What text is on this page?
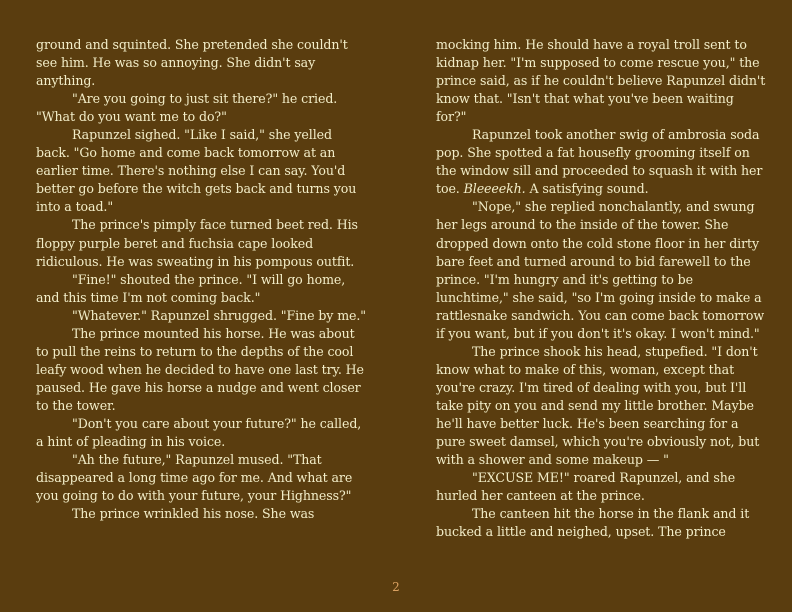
ground and squinted. She pretended she couldn't see him. He was so annoying. She didn't say anything.

"Are you going to just sit there?" he cried. "What do you want me to do?"

Rapunzel sighed. "Like I said," she yelled back. "Go home and come back tomorrow at an earlier time. There's nothing else I can say. You'd better go before the witch gets back and turns you into a toad."

The prince's pimply face turned beet red. His floppy purple beret and fuchsia cape looked ridiculous. He was sweating in his pompous outfit.

"Fine!" shouted the prince. "I will go home, and this time I'm not coming back."

"Whatever." Rapunzel shrugged. "Fine by me."

The prince mounted his horse. He was about to pull the reins to return to the depths of the cool leafy wood when he decided to have one last try. He paused. He gave his horse a nudge and went closer to the tower.

"Don't you care about your future?" he called, a hint of pleading in his voice.

"Ah the future," Rapunzel mused. "That disappeared a long time ago for me. And what are you going to do with your future, your Highness?"

The prince wrinkled his nose. She was

mocking him. He should have a royal troll sent to kidnap her. "I'm supposed to come rescue you," the prince said, as if he couldn't believe Rapunzel didn't know that. "Isn't that what you've been waiting for?"

Rapunzel took another swig of ambrosia soda pop. She spotted a fat housefly grooming itself on the window sill and proceeded to squash it with her toe. Bleeeekh. A satisfying sound.

"Nope," she replied nonchalantly, and swung her legs around to the inside of the tower. She dropped down onto the cold stone floor in her dirty bare feet and turned around to bid farewell to the prince. "I'm hungry and it's getting to be lunchtime," she said, "so I'm going inside to make a rattlesnake sandwich. You can come back tomorrow if you want, but if you don't it's okay. I won't mind."

The prince shook his head, stupefied. "I don't know what to make of this, woman, except that you're crazy. I'm tired of dealing with you, but I'll take pity on you and send my little brother. Maybe he'll have better luck. He's been searching for a pure sweet damsel, which you're obviously not, but with a shower and some makeup — "

"EXCUSE ME!" roared Rapunzel, and she hurled her canteen at the prince.

The canteen hit the horse in the flank and it bucked a little and neighed, upset. The prince

2
